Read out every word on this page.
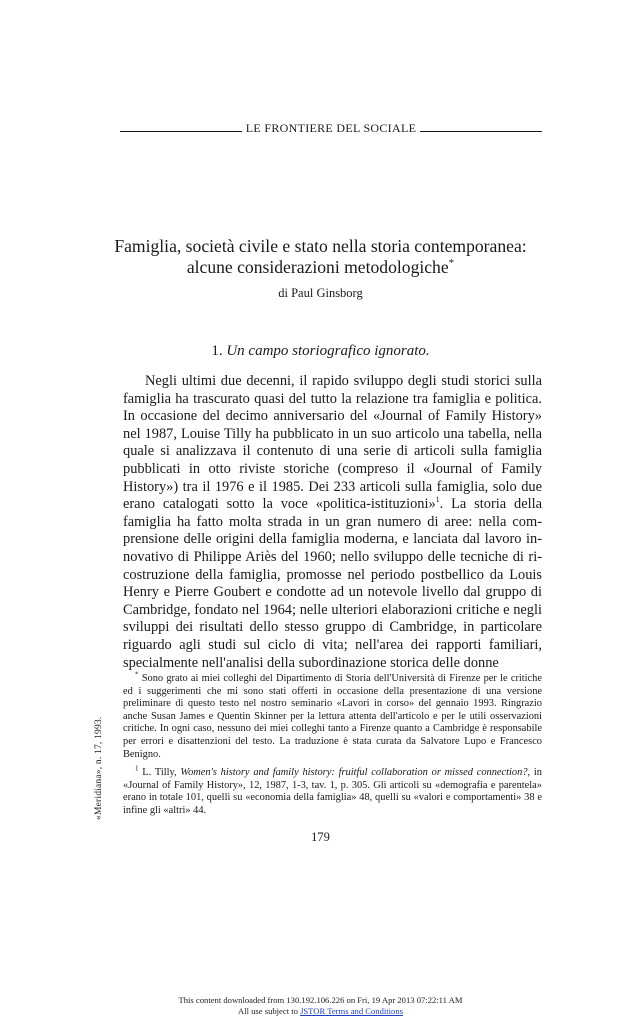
LE FRONTIERE DEL SOCIALE
Famiglia, società civile e stato nella storia contemporanea:
alcune considerazioni metodologiche*
di Paul Ginsborg
1. Un campo storiografico ignorato.
Negli ultimi due decenni, il rapido sviluppo degli studi storici sulla famiglia ha trascurato quasi del tutto la relazione tra famiglia e politica. In occasione del decimo anniversario del «Journal of Family History» nel 1987, Louise Tilly ha pubblicato in un suo articolo una tabella, nella quale si analizzava il contenuto di una serie di articoli sulla famiglia pubblicati in otto riviste storiche (compreso il «Journal of Family History») tra il 1976 e il 1985. Dei 233 articoli sulla famiglia, solo due erano catalogati sotto la voce «politica-istituzioni»$^1$. La storia della famiglia ha fatto molta strada in un gran numero di aree: nella comprensione delle origini della famiglia moderna, e lanciata dal lavoro innovativo di Philippe Ariès del 1960; nello sviluppo delle tecniche di ricostruzione della famiglia, promosse nel periodo postbellico da Louis Henry e Pierre Goubert e condotte ad un notevole livello dal gruppo di Cambridge, fondato nel 1964; nelle ulteriori elaborazioni critiche e negli sviluppi dei risultati dello stesso gruppo di Cambridge, in particolare riguardo agli studi sul ciclo di vita; nell'area dei rapporti familiari, specialmente nell'analisi della subordinazione storica delle donne

* Sono grato ai miei colleghi del Dipartimento di Storia dell'Università di Firenze per le critiche ed i suggerimenti che mi sono stati offerti in occasione della presentazione di una versione preliminare di questo testo nel nostro seminario «Lavori in corso» del gennaio 1993. Ringrazio anche Susan James e Quentin Skinner per la lettura attenta dell'articolo e per le utili osservazioni critiche. In ogni caso, nessuno dei miei colleghi tanto a Firenze quanto a Cambridge è responsabile per errori e disattenzioni del testo. La traduzione è stata curata da Salvatore Lupo e Francesco Benigno.

$^1$ L. Tilly, Women's history and family history: fruitful collaboration or missed connection?, in «Journal of Family History», 12, 1987, 1-3, tav. 1, p. 305. Gli articoli su «demografia e parentela» erano in totale 101, quelli su «economia della famiglia» 48, quelli su «valori e comportamenti» 38 e infine gli «altri» 44.

«Meridiana», n. 17, 1993.
179
This content downloaded from 130.192.106.226 on Fri, 19 Apr 2013 07:22:11 AM
All use subject to JSTOR Terms and Conditions
